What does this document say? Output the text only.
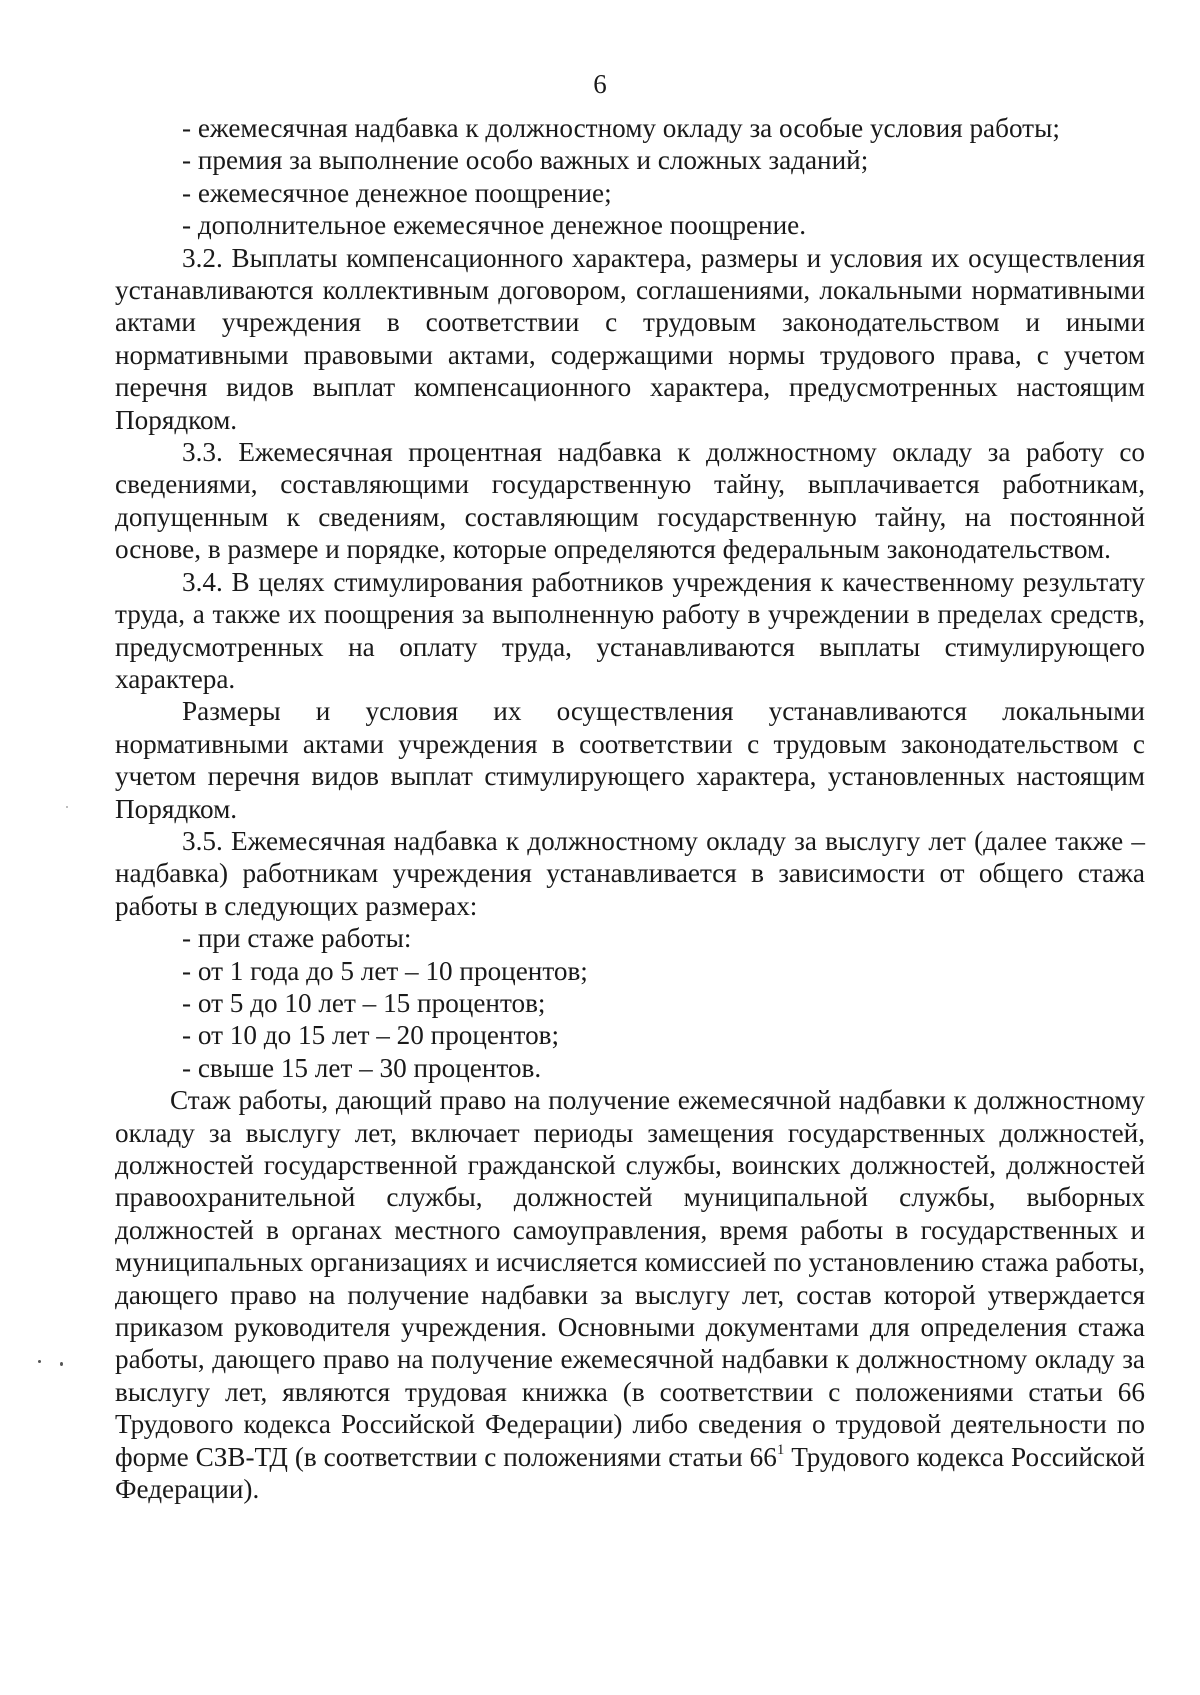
6

- ежемесячная надбавка к должностному окладу за особые условия работы;

- премия за выполнение особо важных и сложных заданий;

- ежемесячное денежное поощрение;

- дополнительное ежемесячное денежное поощрение.

3.2. Выплаты компенсационного характера, размеры и условия их осуществления устанавливаются коллективным договором, соглашениями, локальными нормативными актами учреждения в соответствии с трудовым законодательством и иными нормативными правовыми актами, содержащими нормы трудового права, с учетом перечня видов выплат компенсационного характера, предусмотренных настоящим Порядком.

3.3. Ежемесячная процентная надбавка к должностному окладу за работу со сведениями, составляющими государственную тайну, выплачивается работникам, допущенным к сведениям, составляющим государственную тайну, на постоянной основе, в размере и порядке, которые определяются федеральным законодательством.

3.4. В целях стимулирования работников учреждения к качественному результату труда, а также их поощрения за выполненную работу в учреждении в пределах средств, предусмотренных на оплату труда, устанавливаются выплаты стимулирующего характера.

Размеры и условия их осуществления устанавливаются локальными нормативными актами учреждения в соответствии с трудовым законодательством с учетом перечня видов выплат стимулирующего характера, установленных настоящим Порядком.

3.5. Ежемесячная надбавка к должностному окладу за выслугу лет (далее также – надбавка) работникам учреждения устанавливается в зависимости от общего стажа работы в следующих размерах:

- при стаже работы:

- от 1 года до 5 лет – 10 процентов;

- от 5 до 10 лет – 15 процентов;

- от 10 до 15 лет – 20 процентов;

- свыше 15 лет – 30 процентов.

Стаж работы, дающий право на получение ежемесячной надбавки к должностному окладу за выслугу лет, включает периоды замещения государственных должностей, должностей государственной гражданской службы, воинских должностей, должностей правоохранительной службы, должностей муниципальной службы, выборных должностей в органах местного самоуправления, время работы в государственных и муниципальных организациях и исчисляется комиссией по установлению стажа работы, дающего право на получение надбавки за выслугу лет, состав которой утверждается приказом руководителя учреждения. Основными документами для определения стажа работы, дающего право на получение ежемесячной надбавки к должностному окладу за выслугу лет, являются трудовая книжка (в соответствии с положениями статьи 66 Трудового кодекса Российской Федерации) либо сведения о трудовой деятельности по форме СЗВ-ТД (в соответствии с положениями статьи 66$^1$ Трудового кодекса Российской Федерации).
